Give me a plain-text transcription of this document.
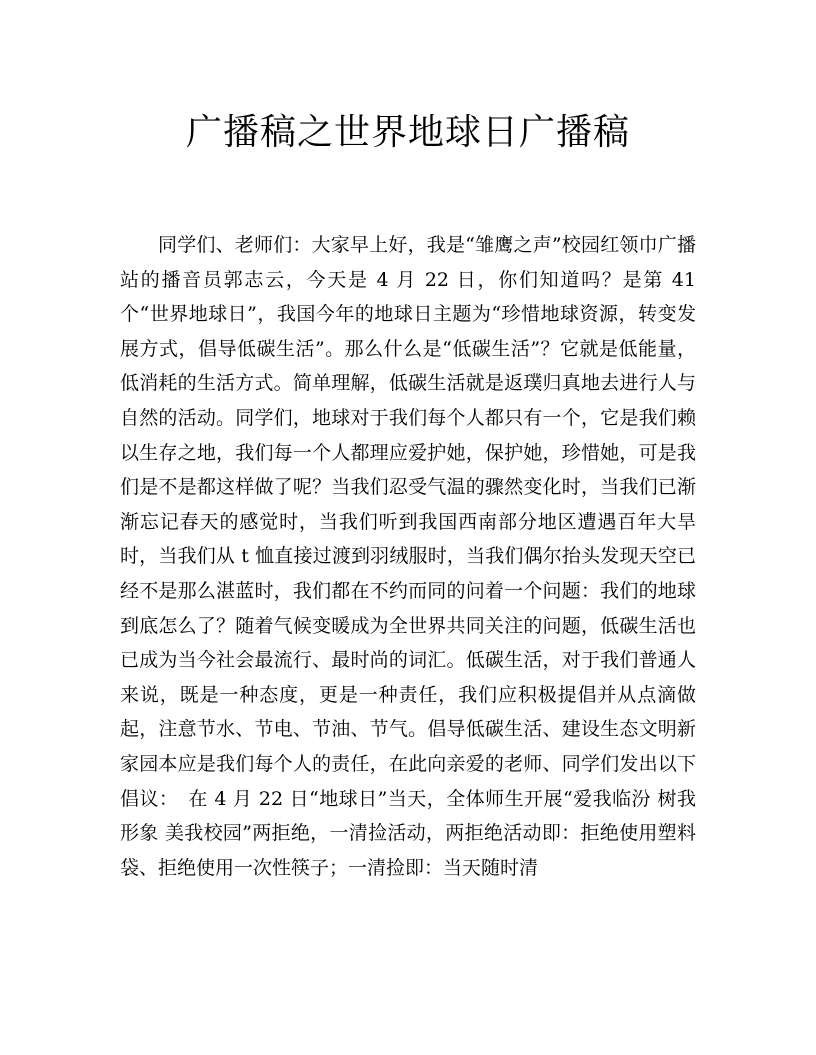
广播稿之世界地球日广播稿

同学们、老师们：大家早上好，我是“雏鹰之声”校园红领巾广播站的播音员郭志云，今天是 4 月 22 日，你们知道吗？是第 41 个“世界地球日”，我国今年的地球日主题为“珍惜地球资源，转变发展方式，倡导低碳生活”。那么什么是“低碳生活”？它就是低能量，低消耗的生活方式。简单理解，低碳生活就是返璞归真地去进行人与自然的活动。同学们，地球对于我们每个人都只有一个，它是我们赖以生存之地，我们每一个人都理应爱护她，保护她，珍惜她，可是我们是不是都这样做了呢？当我们忍受气温的骤然变化时，当我们已渐渐忘记春天的感觉时，当我们听到我国西南部分地区遭遇百年大旱时，当我们从 t 恤直接过渡到羽绒服时，当我们偶尔抬头发现天空已经不是那么湛蓝时，我们都在不约而同的问着一个问题：我们的地球到底怎么了？随着气候变暖成为全世界共同关注的问题，低碳生活也已成为当今社会最流行、最时尚的词汇。低碳生活，对于我们普通人来说，既是一种态度，更是一种责任，我们应积极提倡并从点滴做起，注意节水、节电、节油、节气。倡导低碳生活、建设生态文明新家园本应是我们每个人的责任，在此向亲爱的老师、同学们发出以下倡议：　在 4 月 22 日“地球日”当天，全体师生开展“爱我临汾 树我形象 美我校园”两拒绝，一清捡活动，两拒绝活动即：拒绝使用塑料袋、拒绝使用一次性筷子；一清捡即：当天随时清
